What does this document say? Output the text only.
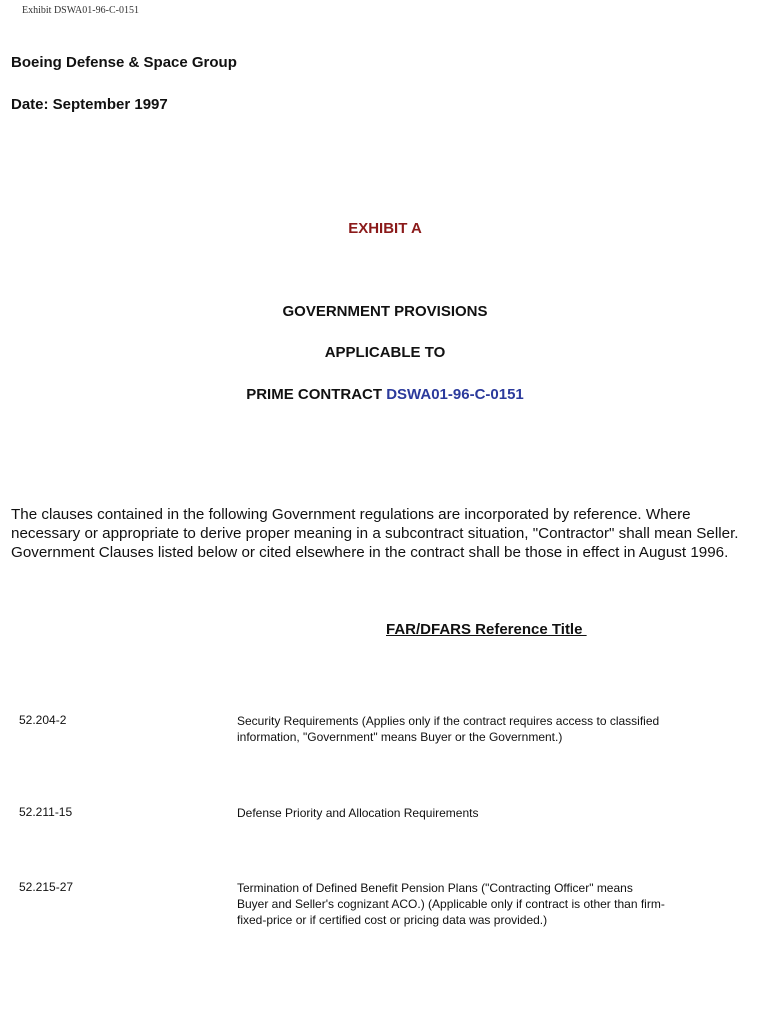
Exhibit DSWA01-96-C-0151
Boeing Defense & Space Group
Date: September 1997
EXHIBIT A
GOVERNMENT PROVISIONS
APPLICABLE TO
PRIME CONTRACT DSWA01-96-C-0151
The clauses contained in the following Government regulations are incorporated by reference. Where necessary or appropriate to derive proper meaning in a subcontract situation, "Contractor" shall mean Seller. Government Clauses listed below or cited elsewhere in the contract shall be those in effect in August 1996.
FAR/DFARS Reference Title
52.204-2	Security Requirements (Applies only if the contract requires access to classified information, "Government" means Buyer or the Government.)
52.211-15	Defense Priority and Allocation Requirements
52.215-27	Termination of Defined Benefit Pension Plans ("Contracting Officer" means Buyer and Seller's cognizant ACO.) (Applicable only if contract is other than firm-fixed-price or if certified cost or pricing data was provided.)
